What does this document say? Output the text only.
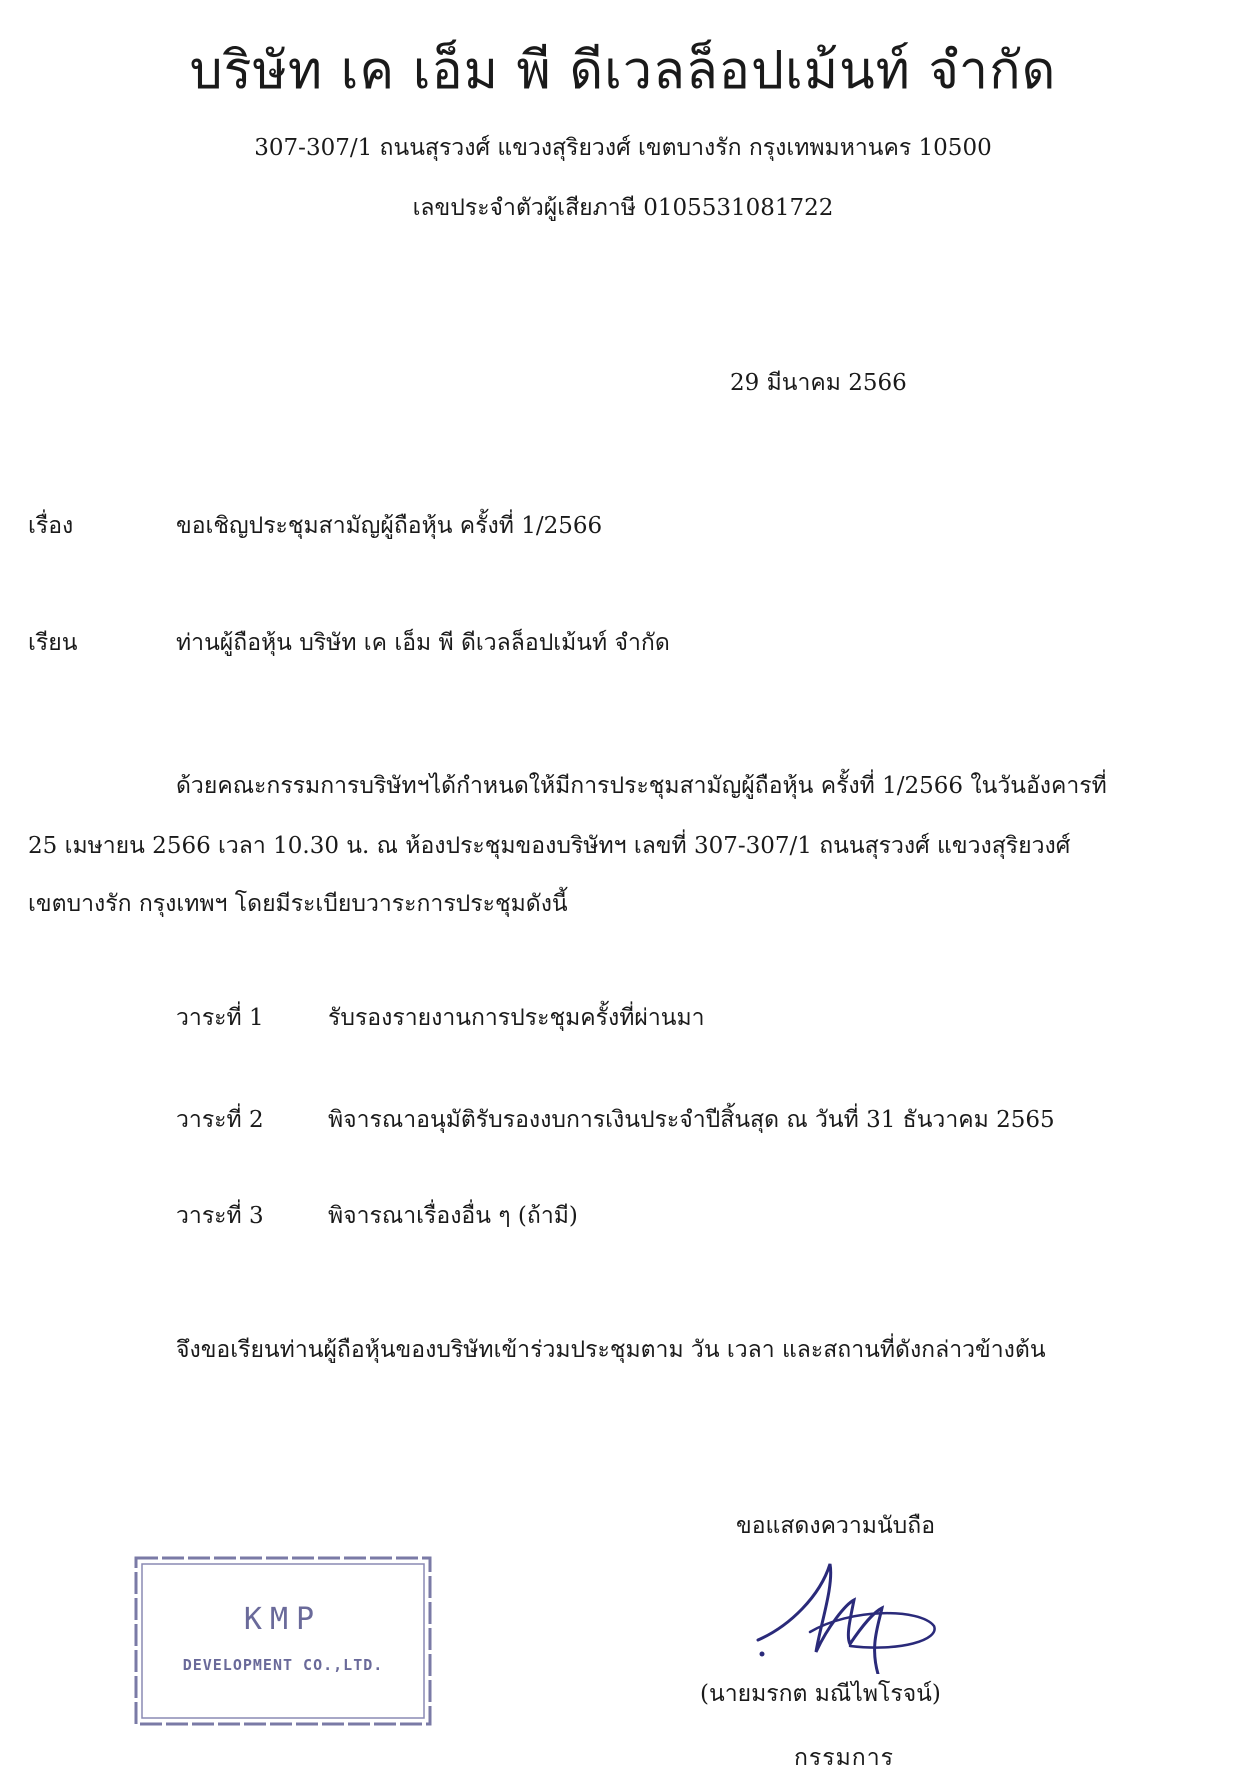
บริษัท เค เอ็ม พี ดีเวลล็อปเม้นท์ จำกัด
307-307/1 ถนนสุรวงศ์ แขวงสุริยวงศ์ เขตบางรัก กรุงเทพมหานคร 10500
เลขประจำตัวผู้เสียภาษี 0105531081722
29 มีนาคม 2566
เรื่อง	ขอเชิญประชุมสามัญผู้ถือหุ้น ครั้งที่ 1/2566
เรียน	ท่านผู้ถือหุ้น บริษัท เค เอ็ม พี ดีเวลล็อปเม้นท์ จำกัด
ด้วยคณะกรรมการบริษัทฯได้กำหนดให้มีการประชุมสามัญผู้ถือหุ้น ครั้งที่ 1/2566 ในวันอังคารที่
25 เมษายน 2566 เวลา 10.30 น. ณ ห้องประชุมของบริษัทฯ เลขที่ 307-307/1 ถนนสุรวงศ์ แขวงสุริยวงศ์
เขตบางรัก กรุงเทพฯ โดยมีระเบียบวาระการประชุมดังนี้
วาระที่ 1	รับรองรายงานการประชุมครั้งที่ผ่านมา
วาระที่ 2	พิจารณาอนุมัติรับรองงบการเงินประจำปีสิ้นสุด ณ วันที่ 31 ธันวาคม 2565
วาระที่ 3	พิจารณาเรื่องอื่น ๆ (ถ้ามี)
จึงขอเรียนท่านผู้ถือหุ้นของบริษัทเข้าร่วมประชุมตาม วัน เวลา และสถานที่ดังกล่าวข้างต้น
ขอแสดงความนับถือ
(นายมรกต มณีไพโรจน์)
กรรมการ
KMP
DEVELOPMENT CO.,LTD.
